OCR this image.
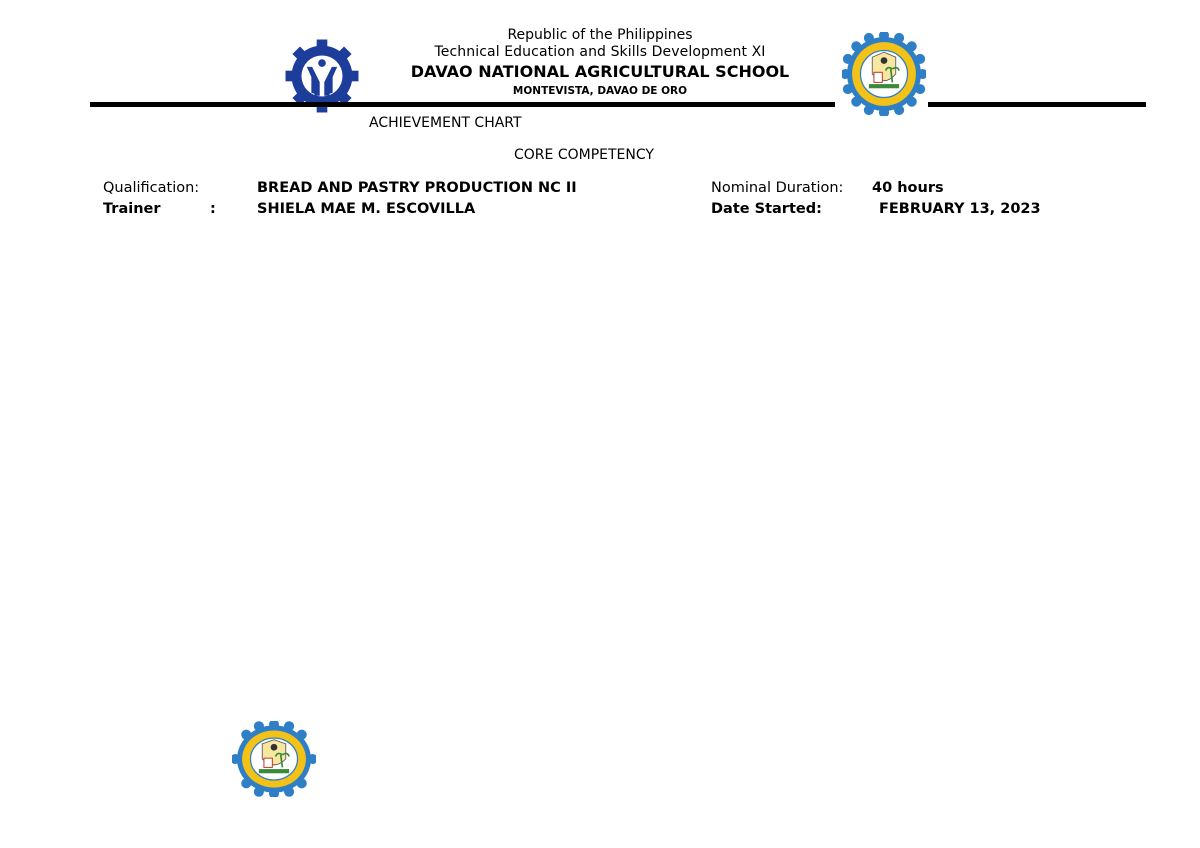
Republic of the Philippines
Technical Education and Skills Development XI
DAVAO NATIONAL AGRICULTURAL SCHOOL
MONTEVISTA, DAVAO DE ORO
ACHIEVEMENT CHART
CORE COMPETENCY
Qualification:	BREAD AND PASTRY PRODUCTION NC II
Trainer	:	SHIELA MAE M. ESCOVILLA
Nominal Duration: 40 hours
Date Started:	FEBRUARY 13, 2023
